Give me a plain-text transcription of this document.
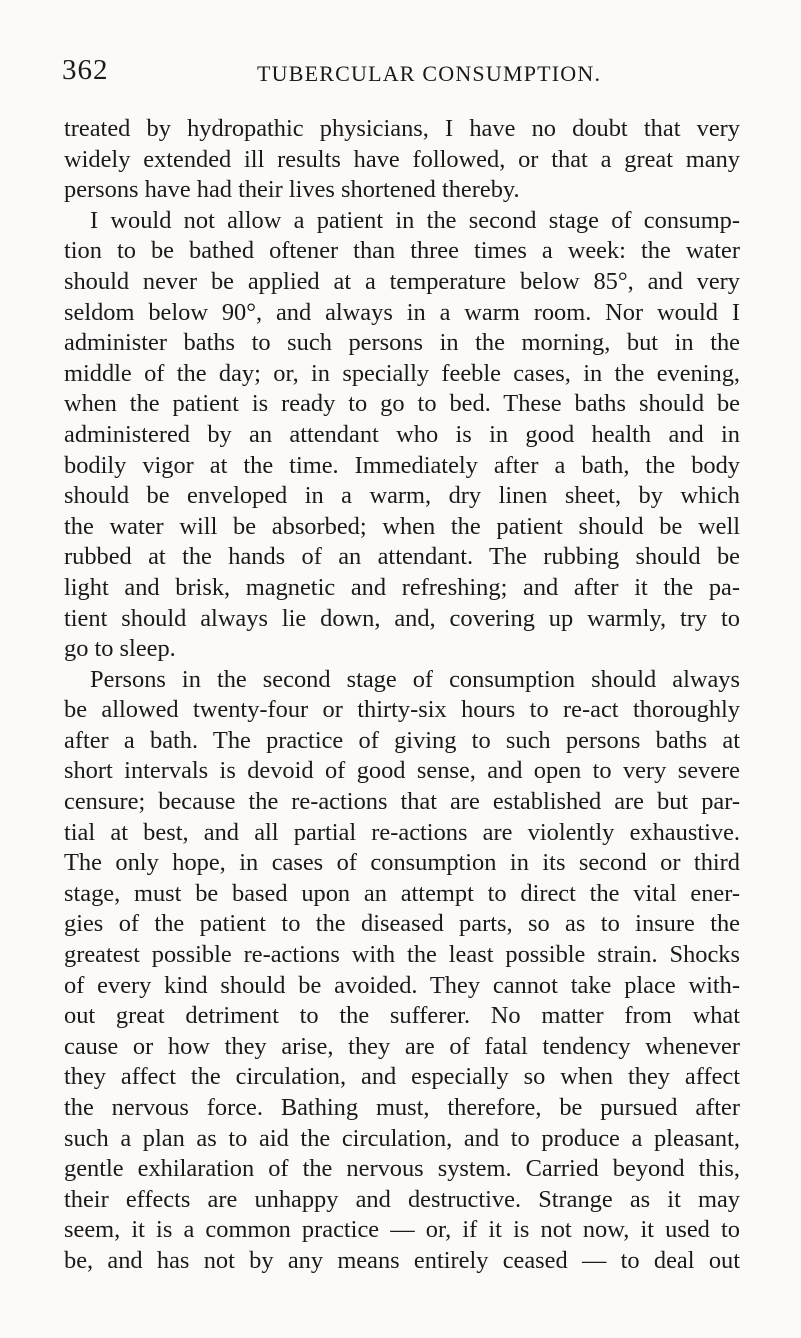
362	TUBERCULAR CONSUMPTION.
treated by hydropathic physicians, I have no doubt that very
widely extended ill results have followed, or that a great many
persons have had their lives shortened thereby.
I would not allow a patient in the second stage of consump-
tion to be bathed oftener than three times a week: the water
should never be applied at a temperature below 85°, and very
seldom below 90°, and always in a warm room. Nor would I
administer baths to such persons in the morning, but in the
middle of the day; or, in specially feeble cases, in the evening,
when the patient is ready to go to bed. These baths should be
administered by an attendant who is in good health and in
bodily vigor at the time. Immediately after a bath, the body
should be enveloped in a warm, dry linen sheet, by which
the water will be absorbed; when the patient should be well
rubbed at the hands of an attendant. The rubbing should be
light and brisk, magnetic and refreshing; and after it the pa-
tient should always lie down, and, covering up warmly, try to
go to sleep.
Persons in the second stage of consumption should always
be allowed twenty-four or thirty-six hours to re-act thoroughly
after a bath. The practice of giving to such persons baths at
short intervals is devoid of good sense, and open to very severe
censure; because the re-actions that are established are but par-
tial at best, and all partial re-actions are violently exhaustive.
The only hope, in cases of consumption in its second or third
stage, must be based upon an attempt to direct the vital ener-
gies of the patient to the diseased parts, so as to insure the
greatest possible re-actions with the least possible strain. Shocks
of every kind should be avoided. They cannot take place with-
out great detriment to the sufferer. No matter from what
cause or how they arise, they are of fatal tendency whenever
they affect the circulation, and especially so when they affect
the nervous force. Bathing must, therefore, be pursued after
such a plan as to aid the circulation, and to produce a pleasant,
gentle exhilaration of the nervous system. Carried beyond this,
their effects are unhappy and destructive. Strange as it may
seem, it is a common practice — or, if it is not now, it used to
be, and has not by any means entirely ceased — to deal out
